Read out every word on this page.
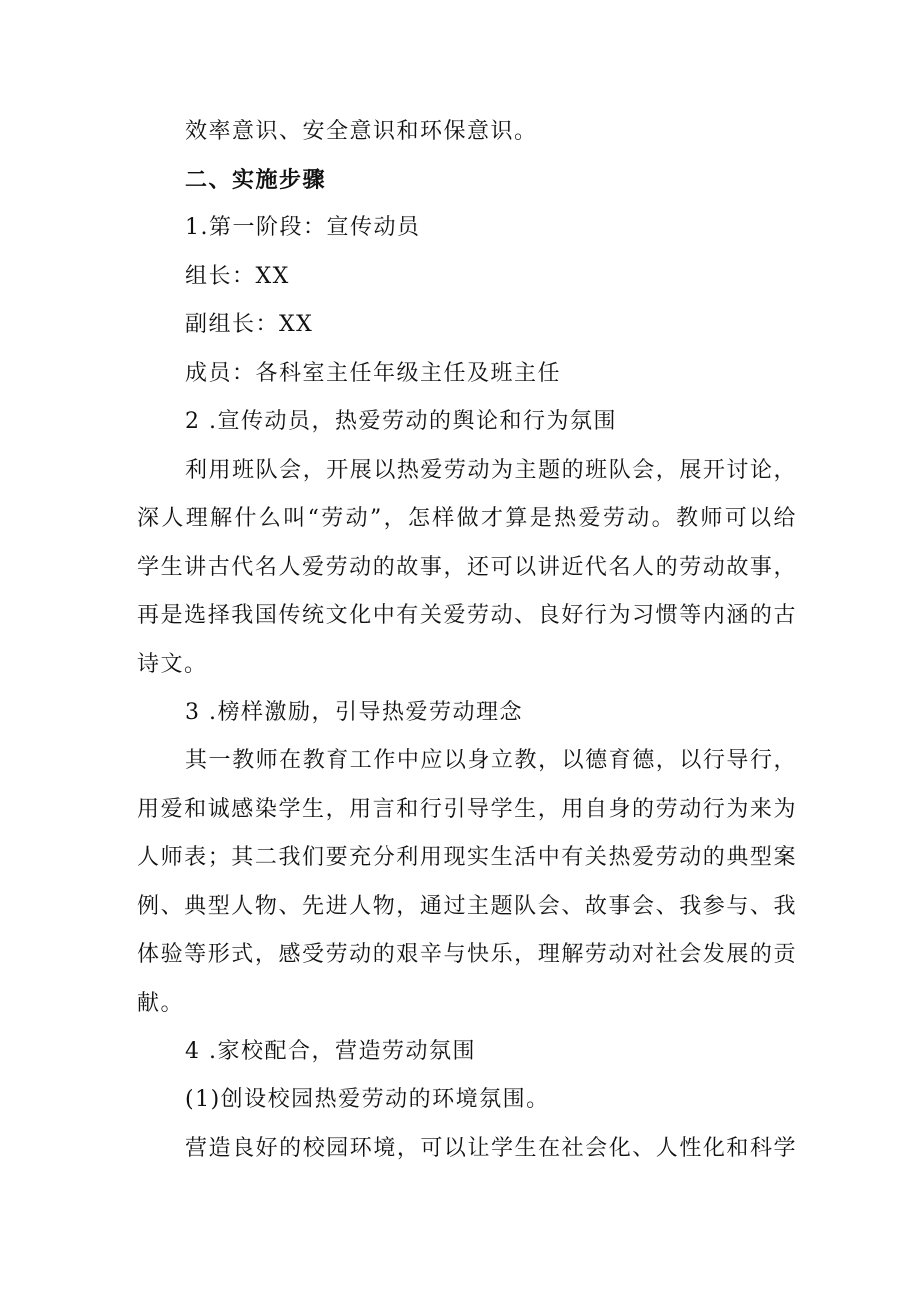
效率意识、安全意识和环保意识。
二、实施步骤
1.第一阶段：宣传动员
组长：XX
副组长：XX
成员：各科室主任年级主任及班主任
2 .宣传动员，热爱劳动的舆论和行为氛围
利用班队会，开展以热爱劳动为主题的班队会，展开讨论，
深人理解什么叫“劳动”，怎样做才算是热爱劳动。教师可以给
学生讲古代名人爱劳动的故事，还可以讲近代名人的劳动故事，
再是选择我国传统文化中有关爱劳动、良好行为习惯等内涵的古
诗文。
3 .榜样激励，引导热爱劳动理念
其一教师在教育工作中应以身立教，以德育德，以行导行，
用爱和诚感染学生，用言和行引导学生，用自身的劳动行为来为
人师表；其二我们要充分利用现实生活中有关热爱劳动的典型案
例、典型人物、先进人物，通过主题队会、故事会、我参与、我
体验等形式，感受劳动的艰辛与快乐，理解劳动对社会发展的贡
献。
4 .家校配合，营造劳动氛围
(1)创设校园热爱劳动的环境氛围。
营造良好的校园环境，可以让学生在社会化、人性化和科学
